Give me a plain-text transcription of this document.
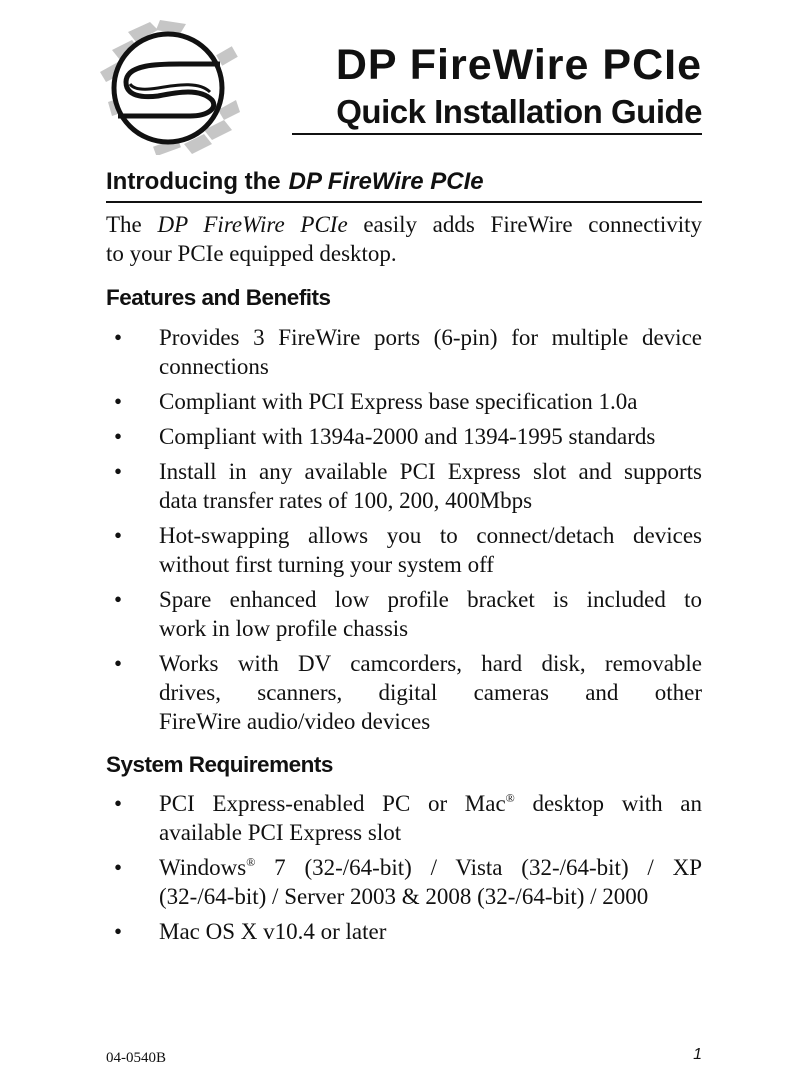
DP FireWire PCIe
Quick Installation Guide
Introducing the DP FireWire PCIe
The DP FireWire PCIe easily adds FireWire connectivity
to your PCIe equipped desktop.
Features and Benefits
• Provides 3 FireWire ports (6-pin) for multiple device
connections
• Compliant with PCI Express base specification 1.0a
• Compliant with 1394a-2000 and 1394-1995 standards
• Install in any available PCI Express slot and supports
data transfer rates of 100, 200, 400Mbps
• Hot-swapping allows you to connect/detach devices
without first turning your system off
• Spare enhanced low profile bracket is included to
work in low profile chassis
• Works with DV camcorders, hard disk, removable
drives, scanners, digital cameras and other
FireWire audio/video devices
System Requirements
• PCI Express-enabled PC or Mac® desktop with an
available PCI Express slot
• Windows® 7 (32-/64-bit) / Vista (32-/64-bit) / XP
(32-/64-bit) / Server 2003 & 2008 (32-/64-bit) / 2000
• Mac OS X v10.4 or later
04-0540B	1
